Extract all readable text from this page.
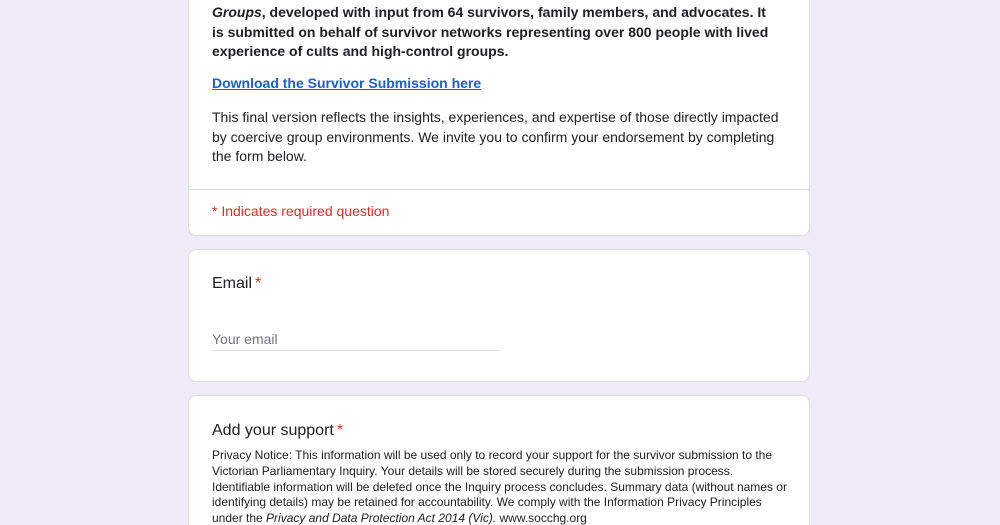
Groups, developed with input from 64 survivors, family members, and advocates. It is submitted on behalf of survivor networks representing over 800 people with lived experience of cults and high-control groups.

Download the Survivor Submission here

This final version reflects the insights, experiences, and expertise of those directly impacted by coercive group environments. We invite you to confirm your endorsement by completing the form below.

* Indicates required question
Email *
Your email
Add your support *

Privacy Notice: This information will be used only to record your support for the survivor submission to the Victorian Parliamentary Inquiry. Your details will be stored securely during the submission process. Identifiable information will be deleted once the Inquiry process concludes. Summary data (without names or identifying details) may be retained for accountability. We comply with the Information Privacy Principles under the Privacy and Data Protection Act 2014 (Vic). www.socchg.org
